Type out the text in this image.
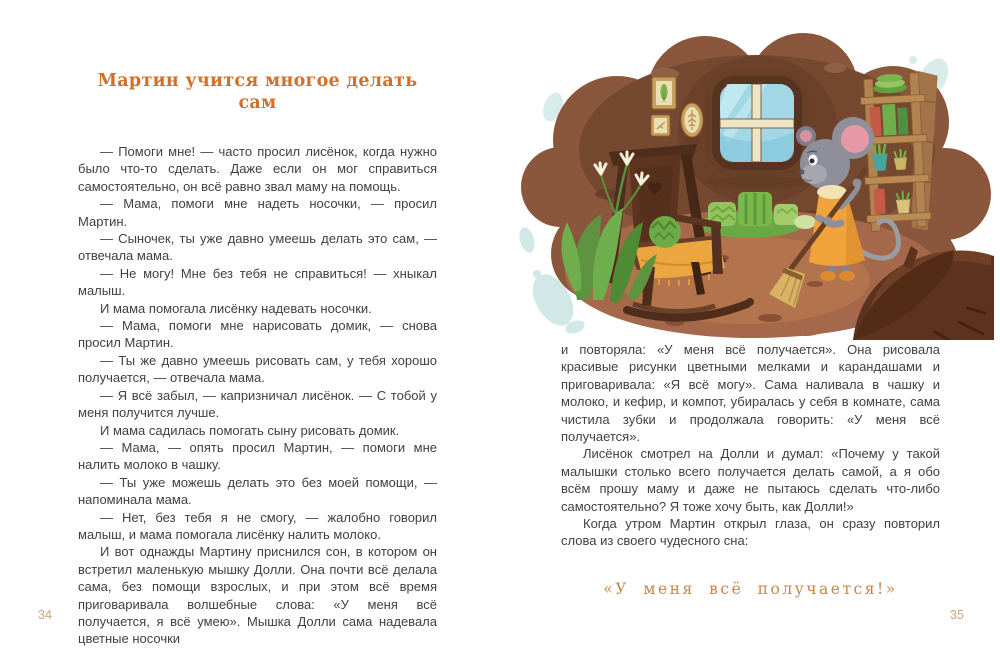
Мартин учится многое делать сам

— Помоги мне! — часто просил лисёнок, когда нужно было что-то сделать. Даже если он мог справиться самостоятельно, он всё равно звал маму на помощь.

— Мама, помоги мне надеть носочки, — просил Мартин.

— Сыночек, ты уже давно умеешь делать это сам, — отвечала мама.

— Не могу! Мне без тебя не справиться! — хныкал малыш.

И мама помогала лисёнку надевать носочки.

— Мама, помоги мне нарисовать домик, — снова просил Мартин.

— Ты же давно умеешь рисовать сам, у тебя хорошо получается, — отвечала мама.

— Я всё забыл, — капризничал лисёнок. — С тобой у меня получится лучше.

И мама садилась помогать сыну рисовать домик.

— Мама, — опять просил Мартин, — помоги мне налить молоко в чашку.

— Ты уже можешь делать это без моей помощи, — напоминала мама.

— Нет, без тебя я не смогу, — жалобно говорил малыш, и мама помогала лисёнку налить молоко.

И вот однажды Мартину приснился сон, в котором он встретил маленькую мышку Долли. Она почти всё делала сама, без помощи взрослых, и при этом всё время приговаривала волшебные слова: «У меня всё получается, я всё умею». Мышка Долли сама надевала цветные носочки

34

и повторяла: «У меня всё получается». Она рисовала красивые рисунки цветными мелками и карандашами и приговаривала: «Я всё могу». Сама наливала в чашку и молоко, и кефир, и компот, убиралась у себя в комнате, сама чистила зубки и продолжала говорить: «У меня всё получается».

Лисёнок смотрел на Долли и думал: «Почему у такой малышки столько всего получается делать самой, а я обо всём прошу маму и даже не пытаюсь сделать что-либо самостоятельно? Я тоже хочу быть, как Долли!»

Когда утром Мартин открыл глаза, он сразу повторил слова из своего чудесного сна:

«У меня всё получается!»
35
